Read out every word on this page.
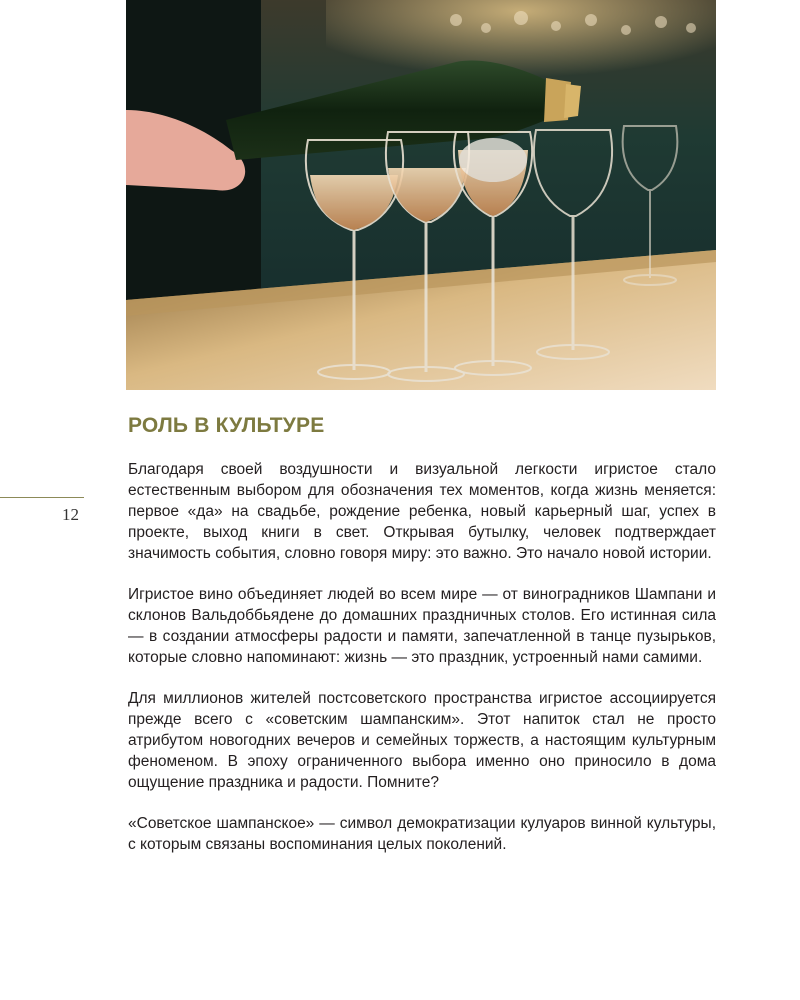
РОЛЬ В КУЛЬТУРЕ
12

Благодаря своей воздушности и визуальной легкости игристое стало естественным выбором для обозначения тех моментов, когда жизнь меняется: первое «да» на свадьбе, рождение ребенка, новый карьерный шаг, успех в проекте, выход книги в свет. Открывая бутылку, человек подтверждает значимость события, словно говоря миру: это важно. Это начало новой истории.

Игристое вино объединяет людей во всем мире — от виноградников Шампани и склонов Вальдоббьядене до домашних праздничных столов. Его истинная сила — в создании атмосферы радости и памяти, запечатленной в танце пузырьков, которые словно напоминают: жизнь — это праздник, устроенный нами самими.

Для миллионов жителей постсоветского пространства игристое ассоциируется прежде всего с «советским шампанским». Этот напиток стал не просто атрибутом новогодних вечеров и семейных торжеств, а настоящим культурным феноменом. В эпоху ограниченного выбора именно оно приносило в дома ощущение праздника и радости. Помните?

«Советское шампанское» — символ демократизации кулуаров винной культуры, с которым связаны воспоминания целых поколений.
